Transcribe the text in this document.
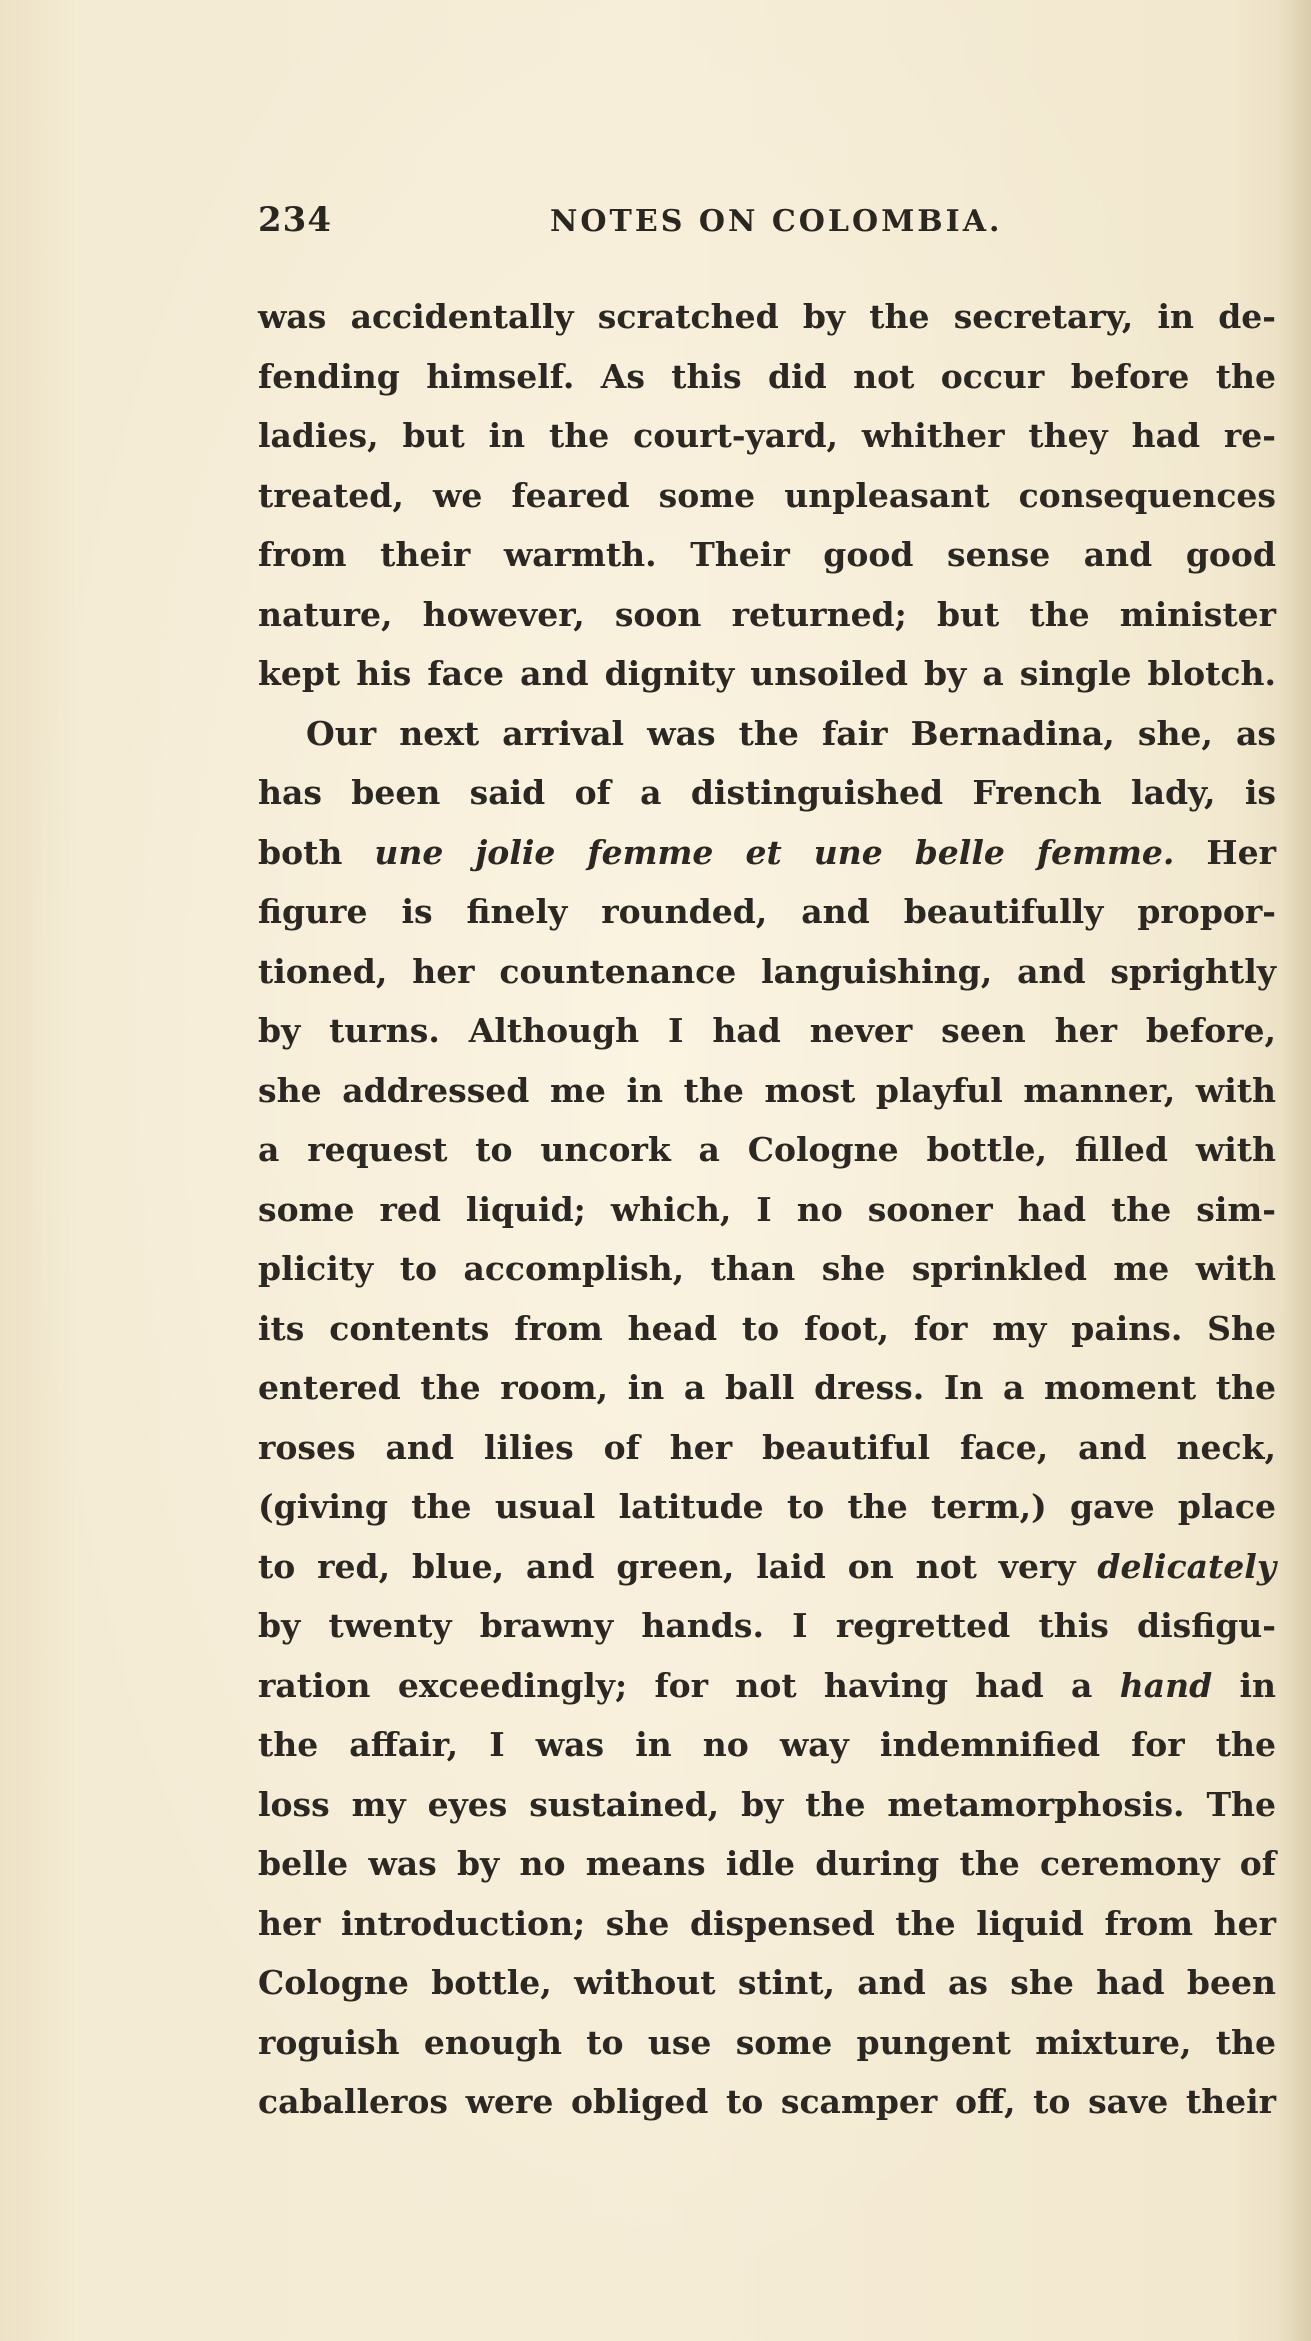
234	NOTES ON COLOMBIA.
was accidentally scratched by the secretary, in de-
fending himself. As this did not occur before the
ladies, but in the court-yard, whither they had re-
treated, we feared some unpleasant consequences
from their warmth. Their good sense and good
nature, however, soon returned; but the minister
kept his face and dignity unsoiled by a single blotch.
Our next arrival was the fair Bernadina, she, as
has been said of a distinguished French lady, is
both une jolie femme et une belle femme. Her
figure is finely rounded, and beautifully propor-
tioned, her countenance languishing, and sprightly
by turns. Although I had never seen her before,
she addressed me in the most playful manner, with
a request to uncork a Cologne bottle, filled with
some red liquid; which, I no sooner had the sim-
plicity to accomplish, than she sprinkled me with
its contents from head to foot, for my pains. She
entered the room, in a ball dress. In a moment the
roses and lilies of her beautiful face, and neck,
(giving the usual latitude to the term,) gave place
to red, blue, and green, laid on not very delicately
by twenty brawny hands. I regretted this disfigu-
ration exceedingly; for not having had a hand in
the affair, I was in no way indemnified for the
loss my eyes sustained, by the metamorphosis. The
belle was by no means idle during the ceremony of
her introduction; she dispensed the liquid from her
Cologne bottle, without stint, and as she had been
roguish enough to use some pungent mixture, the
caballeros were obliged to scamper off, to save their
